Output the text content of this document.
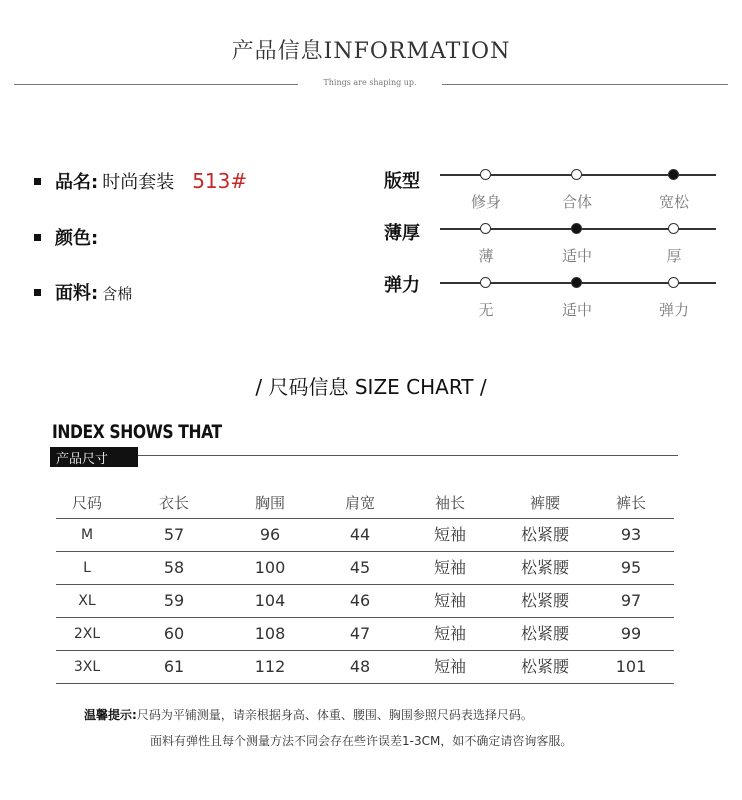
产品信息INFORMATION
Things are shaping up.
品名: 时尚套装 513#
颜色:
面料: 含棉
版型
修身	合体	宽松
薄厚
薄	适中	厚
弹力
无	适中	弹力
/ 尺码信息 SIZE CHART /
INDEX SHOWS THAT
产品尺寸
尺码	衣长	胸围	肩宽	袖长	裤腰	裤长
M	57	96	44	短袖	松紧腰	93
L	58	100	45	短袖	松紧腰	95
XL	59	104	46	短袖	松紧腰	97
2XL	60	108	47	短袖	松紧腰	99
3XL	61	112	48	短袖	松紧腰	101
温馨提示:尺码为平铺测量，请亲根据身高、体重、腰围、胸围参照尺码表选择尺码。
面料有弹性且每个测量方法不同会存在些许误差1-3CM，如不确定请咨询客服。
